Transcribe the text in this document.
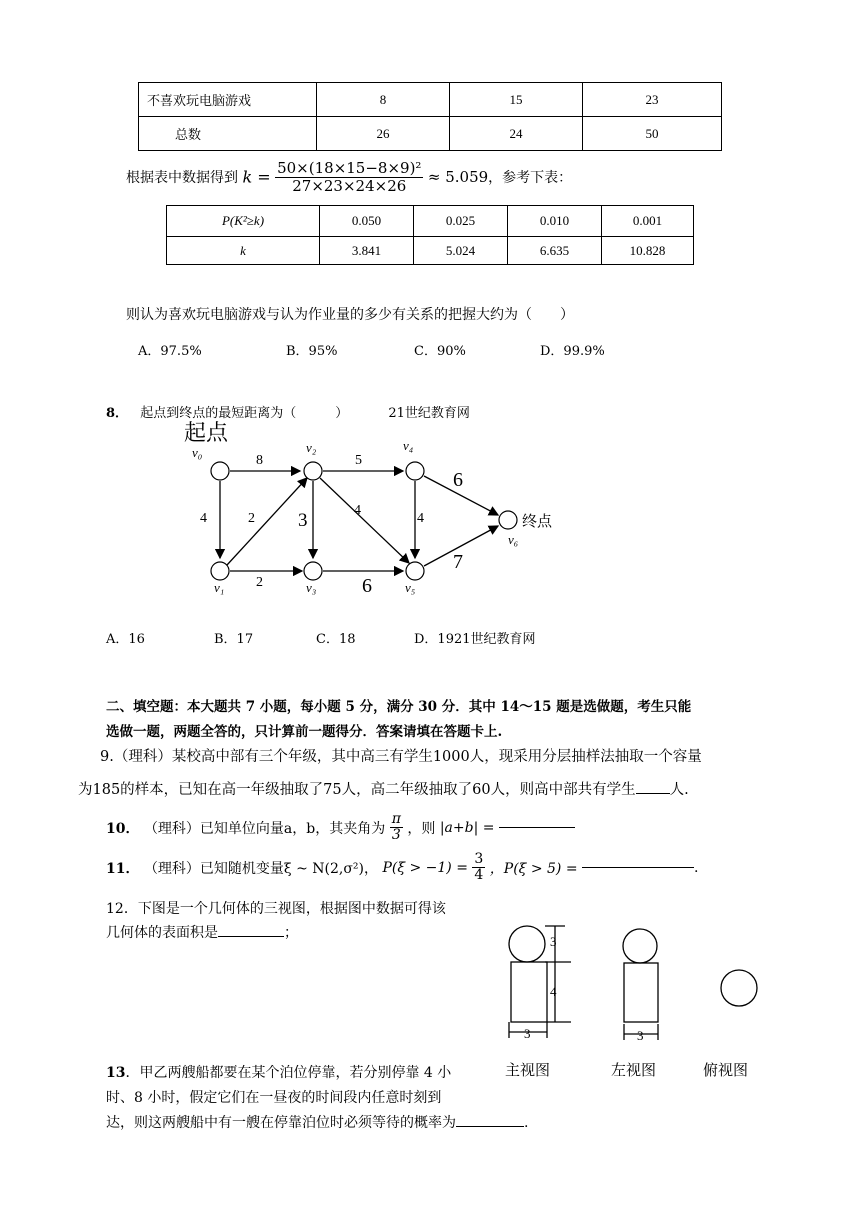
不喜欢玩电脑游戏	8	15	23
总数	26	24	50
根据表中数据得到 $k = \frac{\text{50×(18×15−8×9)²}}{27\times 23\times 24\times 26} \approx 5.059$，参考下表：
P(K²≥k)	0.050	0.025	0.010	0.001
k	3.841	5.024	6.635	10.828
则认为喜欢玩电脑游戏与认为作业量的多少有关系的把握大约为（　　）
A．97.5%	B．95%	C．90%	D．99.9%
8． 起点到终点的最短距离为（　　　）	21世纪教育网
起点
终点
v₀
v₁
v₂
v₃
v₄
v₅
v₆
8	5
6
4	2 3	4
4
2	6
7
A．16	B．17	C．18	D．1921世纪教育网
二、填空题：本大题共 7 小题，每小题 5 分，满分 30 分．其中 14～15 题是选做题，考生只能
选做一题，两题全答的，只计算前一题得分．答案请填在答题卡上.
9.（理科）某校高中部有三个年级，其中高三有学生1000人，现采用分层抽样法抽取一个容量
为185的样本，已知在高一年级抽取了75人，高二年级抽取了60人，则高中部共有学生 人.
10． （理科）已知单位向量a，b，其夹角为 $\frac{\pi}{3}$ ，则 |a+b| =
11． （理科）已知随机变量ξ ~ N(2,σ²)， $P(\xi > -1) = \frac{3}{4}$ ，P(ξ > 5) =	.
12．下图是一个几何体的三视图，根据图中数据可得该
几何体的表面积是	；
3
4
3	3
主视图	左视图	俯视图
13．甲乙两艘船都要在某个泊位停靠，若分别停靠 4 小
时、8 小时，假定它们在一昼夜的时间段内任意时刻到
达，则这两艘船中有一艘在停靠泊位时必须等待的概率为	.
